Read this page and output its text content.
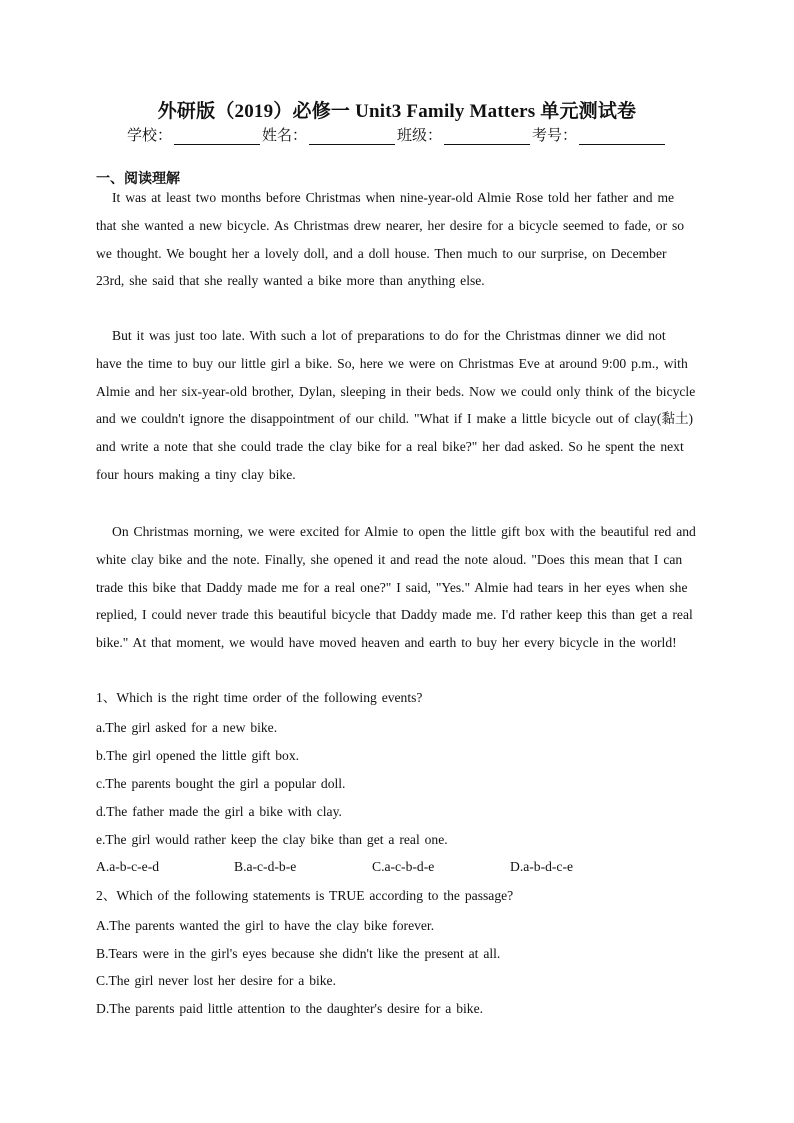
外研版（2019）必修一 Unit3 Family Matters 单元测试卷
学校：	姓名：	班级：	考号：
一、阅读理解

It was at least two months before Christmas when nine-year-old Almie Rose told her father and me that she wanted a new bicycle. As Christmas drew nearer, her desire for a bicycle seemed to fade, or so we thought. We bought her a lovely doll, and a doll house. Then much to our surprise, on December 23rd, she said that she really wanted a bike more than anything else.

But it was just too late. With such a lot of preparations to do for the Christmas dinner we did not have the time to buy our little girl a bike. So, here we were on Christmas Eve at around 9:00 p.m., with Almie and her six-year-old brother, Dylan, sleeping in their beds. Now we could only think of the bicycle and we couldn't ignore the disappointment of our child. "What if I make a little bicycle out of clay(黏土) and write a note that she could trade the clay bike for a real bike?" her dad asked. So he spent the next four hours making a tiny clay bike.

On Christmas morning, we were excited for Almie to open the little gift box with the beautiful red and white clay bike and the note. Finally, she opened it and read the note aloud. "Does this mean that I can trade this bike that Daddy made me for a real one?" I said, "Yes." Almie had tears in her eyes when she replied, I could never trade this beautiful bicycle that Daddy made me. I'd rather keep this than get a real bike." At that moment, we would have moved heaven and earth to buy her every bicycle in the world!

1、Which is the right time order of the following events?
a.The girl asked for a new bike.
b.The girl opened the little gift box.
c.The parents bought the girl a popular doll.
d.The father made the girl a bike with clay.
e.The girl would rather keep the clay bike than get a real one.
A.a-b-c-e-d	B.a-c-d-b-e	C.a-c-b-d-e	D.a-b-d-c-e
2、Which of the following statements is TRUE according to the passage?
A.The parents wanted the girl to have the clay bike forever.
B.Tears were in the girl's eyes because she didn't like the present at all.
C.The girl never lost her desire for a bike.
D.The parents paid little attention to the daughter's desire for a bike.
